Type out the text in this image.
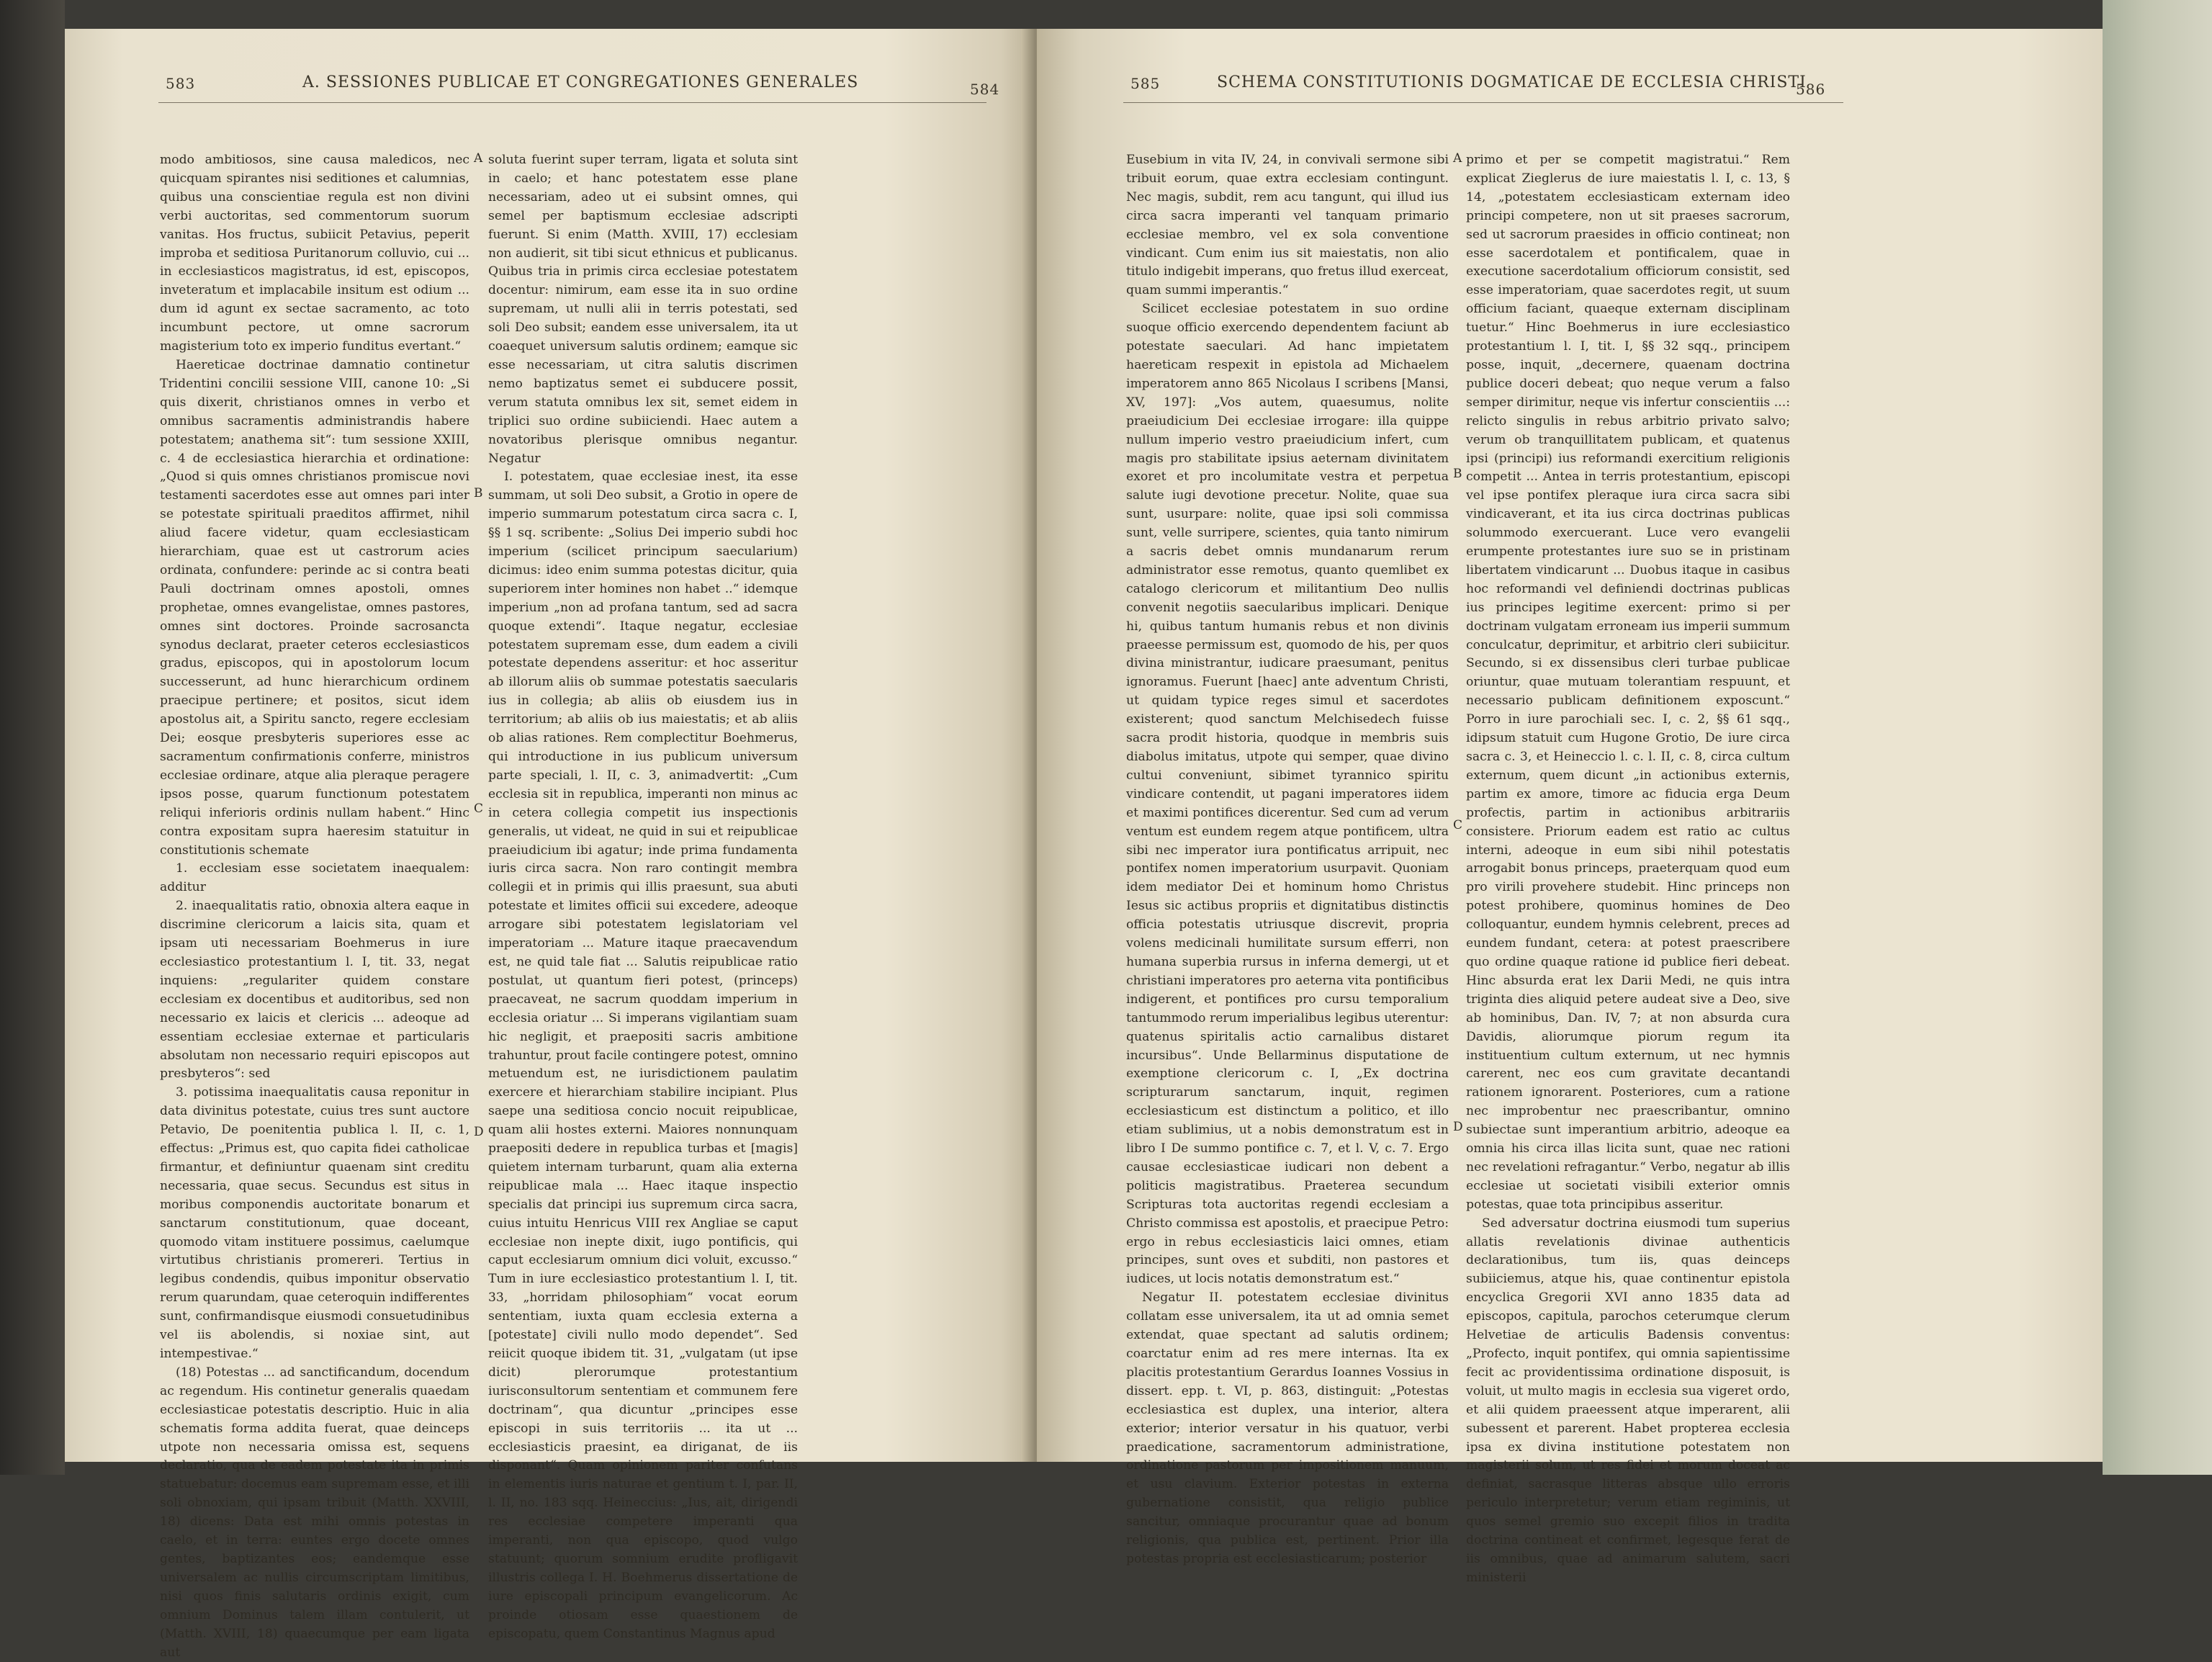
583	A. SESSIONES PUBLICAE ET CONGREGATIONES GENERALES	584

modo ambitiosos, sine causa maledicos, nec quicquam spirantes nisi seditiones et calumnias, quibus una conscientiae regula est non divini verbi auctoritas, sed commentorum suorum vanitas. Hos fructus, subiicit Petavius, peperit improba et seditiosa Puritanorum colluvio, cui ... in ecclesiasticos magistratus, id est, episcopos, inveteratum et implacabile insitum est odium ... dum id agunt ex sectae sacramento, ac toto incumbunt pectore, ut omne sacrorum magisterium toto ex imperio funditus evertant.“

Haereticae doctrinae damnatio continetur Tridentini concilii sessione VIII, canone 10: „Si quis dixerit, christianos omnes in verbo et omnibus sacramentis administrandis habere potestatem; anathema sit“: tum sessione XXIII, c. 4 de ecclesiastica hierarchia et ordinatione: „Quod si quis omnes christianos promiscue novi testamenti sacerdotes esse aut omnes pari inter se potestate spirituali praeditos affirmet, nihil aliud facere videtur, quam ecclesiasticam hierarchiam, quae est ut castrorum acies ordinata, confundere: perinde ac si contra beati Pauli doctrinam omnes apostoli, omnes prophetae, omnes evangelistae, omnes pastores, omnes sint doctores. Proinde sacrosancta synodus declarat, praeter ceteros ecclesiasticos gradus, episcopos, qui in apostolorum locum successerunt, ad hunc hierarchicum ordinem praecipue pertinere; et positos, sicut idem apostolus ait, a Spiritu sancto, regere ecclesiam Dei; eosque presbyteris superiores esse ac sacramentum confirmationis conferre, ministros ecclesiae ordinare, atque alia pleraque peragere ipsos posse, quarum functionum potestatem reliqui inferioris ordinis nullam habent.“ Hinc contra expositam supra haeresim statuitur in constitutionis schemate

1. ecclesiam esse societatem inaequalem: additur

2. inaequalitatis ratio, obnoxia altera eaque in discrimine clericorum a laicis sita, quam et ipsam uti necessariam Boehmerus in iure ecclesiastico protestantium l. I, tit. 33, negat inquiens: „regulariter quidem constare ecclesiam ex docentibus et auditoribus, sed non necessario ex laicis et clericis ... adeoque ad essentiam ecclesiae externae et particularis absolutam non necessario requiri episcopos aut presbyteros“: sed

3. potissima inaequalitatis causa reponitur in data divinitus potestate, cuius tres sunt auctore Petavio, De poenitentia publica l. II, c. 1, effectus: „Primus est, quo capita fidei catholicae firmantur, et definiuntur quaenam sint creditu necessaria, quae secus. Secundus est situs in moribus componendis auctoritate bonarum et sanctarum constitutionum, quae doceant, quomodo vitam instituere possimus, caelumque virtutibus christianis promereri. Tertius in legibus condendis, quibus imponitur observatio rerum quarundam, quae ceteroquin indifferentes sunt, confirmandisque eiusmodi consuetudinibus vel iis abolendis, si noxiae sint, aut intempestivae.“

(18) Potestas ... ad sanctificandum, docendum ac regendum. His continetur generalis quaedam ecclesiasticae potestatis descriptio. Huic in alia schematis forma addita fuerat, quae deinceps utpote non necessaria omissa est, sequens declaratio, qua de eadem potestate ita in primis statuebatur: docemus eam supremam esse, et illi soli obnoxiam, qui ipsam tribuit (Matth. XXVIII, 18) dicens: Data est mihi omnis potestas in caelo, et in terra: euntes ergo docete omnes gentes, baptizantes eos; eandemque esse universalem ac nullis circumscriptam limitibus, nisi quos finis salutaris ordinis exigit, cum omnium Dominus talem illam contulerit, ut (Matth. XVIII, 18) quaecumque per eam ligata aut

A
B
C
D

soluta fuerint super terram, ligata et soluta sint in caelo; et hanc potestatem esse plane necessariam, adeo ut ei subsint omnes, qui semel per baptismum ecclesiae adscripti fuerunt. Si enim (Matth. XVIII, 17) ecclesiam non audierit, sit tibi sicut ethnicus et publicanus. Quibus tria in primis circa ecclesiae potestatem docentur: nimirum, eam esse ita in suo ordine supremam, ut nulli alii in terris potestati, sed soli Deo subsit; eandem esse universalem, ita ut coaequet universum salutis ordinem; eamque sic esse necessariam, ut citra salutis discrimen nemo baptizatus semet ei subducere possit, verum statuta omnibus lex sit, semet eidem in triplici suo ordine subiiciendi. Haec autem a novatoribus plerisque omnibus negantur. Negatur

I. potestatem, quae ecclesiae inest, ita esse summam, ut soli Deo subsit, a Grotio in opere de imperio summarum potestatum circa sacra c. I, §§ 1 sq. scribente: „Solius Dei imperio subdi hoc imperium (scilicet principum saecularium) dicimus: ideo enim summa potestas dicitur, quia superiorem inter homines non habet ..“ idemque imperium „non ad profana tantum, sed ad sacra quoque extendi“. Itaque negatur, ecclesiae potestatem supremam esse, dum eadem a civili potestate dependens asseritur: et hoc asseritur ab illorum aliis ob summae potestatis saecularis ius in collegia; ab aliis ob eiusdem ius in territorium; ab aliis ob ius maiestatis; et ab aliis ob alias rationes. Rem complectitur Boehmerus, qui introductione in ius publicum universum parte speciali, l. II, c. 3, animadvertit: „Cum ecclesia sit in republica, imperanti non minus ac in cetera collegia competit ius inspectionis generalis, ut videat, ne quid in sui et reipublicae praeiudicium ibi agatur; inde prima fundamenta iuris circa sacra. Non raro contingit membra collegii et in primis qui illis praesunt, sua abuti potestate et limites officii sui excedere, adeoque arrogare sibi potestatem legislatoriam vel imperatoriam ... Mature itaque praecavendum est, ne quid tale fiat ... Salutis reipublicae ratio postulat, ut quantum fieri potest, (princeps) praecaveat, ne sacrum quoddam imperium in ecclesia oriatur ... Si imperans vigilantiam suam hic negligit, et praepositi sacris ambitione trahuntur, prout facile contingere potest, omnino metuendum est, ne iurisdictionem paulatim exercere et hierarchiam stabilire incipiant. Plus saepe una seditiosa concio nocuit reipublicae, quam alii hostes externi. Maiores nonnunquam praepositi dedere in republica turbas et [magis] quietem internam turbarunt, quam alia externa reipublicae mala ... Haec itaque inspectio specialis dat principi ius supremum circa sacra, cuius intuitu Henricus VIII rex Angliae se caput ecclesiae non inepte dixit, iugo pontificis, qui caput ecclesiarum omnium dici voluit, excusso.“ Tum in iure ecclesiastico protestantium l. I, tit. 33, „horridam philosophiam“ vocat eorum sententiam, iuxta quam ecclesia externa a [potestate] civili nullo modo dependet“. Sed reiicit quoque ibidem tit. 31, „vulgatam (ut ipse dicit) plerorumque protestantium iurisconsultorum sententiam et communem fere doctrinam“, qua dicuntur „principes esse episcopi in suis territoriis ... ita ut ... ecclesiasticis praesint, ea diriganat, de iis disponant“. Quam opinionem pariter confutans in elementis iuris naturae et gentium t. I, par. II, l. II, no. 183 sqq. Heineccius: „Ius, ait, dirigendi res ecclesiae competere imperanti qua imperanti, non qua episcopo, quod vulgo statuunt; quorum somnium erudite profligavit illustris collega I. H. Boehmerus dissertatione de iure episcopali principum evangelicorum. Ac proinde otiosam esse quaestionem de episcopatu, quem Constantinus Magnus apud

585	SCHEMA CONSTITUTIONIS DOGMATICAE DE ECCLESIA CHRISTI
586

Eusebium in vita IV, 24, in convivali sermone sibi tribuit eorum, quae extra ecclesiam contingunt. Nec magis, subdit, rem acu tangunt, qui illud ius circa sacra imperanti vel tanquam primario ecclesiae membro, vel ex sola conventione vindicant. Cum enim ius sit maiestatis, non alio titulo indigebit imperans, quo fretus illud exerceat, quam summi imperantis.“

Scilicet ecclesiae potestatem in suo ordine suoque officio exercendo dependentem faciunt ab potestate saeculari. Ad hanc impietatem haereticam respexit in epistola ad Michaelem imperatorem anno 865 Nicolaus I scribens [Mansi, XV, 197]: „Vos autem, quaesumus, nolite praeiudicium Dei ecclesiae irrogare: illa quippe nullum imperio vestro praeiudicium infert, cum magis pro stabilitate ipsius aeternam divinitatem exoret et pro incolumitate vestra et perpetua salute iugi devotione precetur. Nolite, quae sua sunt, usurpare: nolite, quae ipsi soli commissa sunt, velle surripere, scientes, quia tanto nimirum a sacris debet omnis mundanarum rerum administrator esse remotus, quanto quemlibet ex catalogo clericorum et militantium Deo nullis convenit negotiis saecularibus implicari. Denique hi, quibus tantum humanis rebus et non divinis praeesse permissum est, quomodo de his, per quos divina ministrantur, iudicare praesumant, penitus ignoramus. Fuerunt [haec] ante adventum Christi, ut quidam typice reges simul et sacerdotes existerent; quod sanctum Melchisedech fuisse sacra prodit historia, quodque in membris suis diabolus imitatus, utpote qui semper, quae divino cultui conveniunt, sibimet tyrannico spiritu vindicare contendit, ut pagani imperatores iidem et maximi pontifices dicerentur. Sed cum ad verum ventum est eundem regem atque pontificem, ultra sibi nec imperator iura pontificatus arripuit, nec pontifex nomen imperatorium usurpavit. Quoniam idem mediator Dei et hominum homo Christus Iesus sic actibus propriis et dignitatibus distinctis officia potestatis utriusque discrevit, propria volens medicinali humilitate sursum efferri, non humana superbia rursus in inferna demergi, ut et christiani imperatores pro aeterna vita pontificibus indigerent, et pontifices pro cursu temporalium tantummodo rerum imperialibus legibus uterentur: quatenus spiritalis actio carnalibus distaret incursibus“. Unde Bellarminus disputatione de exemptione clericorum c. I, „Ex doctrina scripturarum sanctarum, inquit, regimen ecclesiasticum est distinctum a politico, et illo etiam sublimius, ut a nobis demonstratum est in libro I De summo pontifice c. 7, et l. V, c. 7. Ergo causae ecclesiasticae iudicari non debent a politicis magistratibus. Praeterea secundum Scripturas tota auctoritas regendi ecclesiam a Christo commissa est apostolis, et praecipue Petro: ergo in rebus ecclesiasticis laici omnes, etiam principes, sunt oves et subditi, non pastores et iudices, ut locis notatis demonstratum est.“

Negatur II. potestatem ecclesiae divinitus collatam esse universalem, ita ut ad omnia semet extendat, quae spectant ad salutis ordinem; coarctatur enim ad res mere internas. Ita ex placitis protestantium Gerardus Ioannes Vossius in dissert. epp. t. VI, p. 863, distinguit: „Potestas ecclesiastica est duplex, una interior, altera exterior; interior versatur in his quatuor, verbi praedicatione, sacramentorum administratione, ordinatione pastorum per impositionem manuum, et usu clavium. Exterior potestas in externa gubernatione consistit, qua religio publice sancitur, omniaque procurantur quae ad bonum religionis, qua publica est, pertinent. Prior illa potestas propria est ecclesiasticarum; posterior

A
B
C
D

primo et per se competit magistratui.“ Rem explicat Zieglerus de iure maiestatis l. I, c. 13, § 14, „potestatem ecclesiasticam externam ideo principi competere, non ut sit praeses sacrorum, sed ut sacrorum praesides in officio contineat; non esse sacerdotalem et pontificalem, quae in executione sacerdotalium officiorum consistit, sed esse imperatoriam, quae sacerdotes regit, ut suum officium faciant, quaeque externam disciplinam tuetur.“ Hinc Boehmerus in iure ecclesiastico protestantium l. I, tit. I, §§ 32 sqq., principem posse, inquit, „decernere, quaenam doctrina publice doceri debeat; quo neque verum a falso semper dirimitur, neque vis infertur conscientiis ...: relicto singulis in rebus arbitrio privato salvo; verum ob tranquillitatem publicam, et quatenus ipsi (principi) ius reformandi exercitium religionis competit ... Antea in terris protestantium, episcopi vel ipse pontifex pleraque iura circa sacra sibi vindicaverant, et ita ius circa doctrinas publicas solummodo exercuerant. Luce vero evangelii erumpente protestantes iure suo se in pristinam libertatem vindicarunt ... Duobus itaque in casibus hoc reformandi vel definiendi doctrinas publicas ius principes legitime exercent: primo si per doctrinam vulgatam erroneam ius imperii summum conculcatur, deprimitur, et arbitrio cleri subiicitur. Secundo, si ex dissensibus cleri turbae publicae oriuntur, quae mutuam tolerantiam respuunt, et necessario publicam definitionem exposcunt.“ Porro in iure parochiali sec. I, c. 2, §§ 61 sqq., idipsum statuit cum Hugone Grotio, De iure circa sacra c. 3, et Heineccio l. c. l. II, c. 8, circa cultum externum, quem dicunt „in actionibus externis, partim ex amore, timore ac fiducia erga Deum profectis, partim in actionibus arbitrariis consistere. Priorum eadem est ratio ac cultus interni, adeoque in eum sibi nihil potestatis arrogabit bonus princeps, praeterquam quod eum pro virili provehere studebit. Hinc princeps non potest prohibere, quominus homines de Deo colloquantur, eundem hymnis celebrent, preces ad eundem fundant, cetera: at potest praescribere quo ordine quaque ratione id publice fieri debeat. Hinc absurda erat lex Darii Medi, ne quis intra triginta dies aliquid petere audeat sive a Deo, sive ab hominibus, Dan. IV, 7; at non absurda cura Davidis, aliorumque piorum regum ita instituentium cultum externum, ut nec hymnis carerent, nec eos cum gravitate decantandi rationem ignorarent. Posteriores, cum a ratione nec improbentur nec praescribantur, omnino subiectae sunt imperantium arbitrio, adeoque ea omnia his circa illas licita sunt, quae nec rationi nec revelationi refragantur.“ Verbo, negatur ab illis ecclesiae ut societati visibili exterior omnis potestas, quae tota principibus asseritur.

Sed adversatur doctrina eiusmodi tum superius allatis revelationis divinae authenticis declarationibus, tum iis, quas deinceps subiiciemus, atque his, quae continentur epistola encyclica Gregorii XVI anno 1835 data ad episcopos, capitula, parochos ceterumque clerum Helvetiae de articulis Badensis conventus: „Profecto, inquit pontifex, qui omnia sapientissime fecit ac providentissima ordinatione disposuit, is voluit, ut multo magis in ecclesia sua vigeret ordo, et alii quidem praeessent atque imperarent, alii subessent et parerent. Habet propterea ecclesia ipsa ex divina institutione potestatem non magisterii solum, ut res fidei et morum doceat ac definiat, sacrasque litteras absque ullo erroris periculo interpretetur; verum etiam regiminis, ut quos semel gremio suo excepit filios in tradita doctrina contineat et confirmet, legesque ferat de iis omnibus, quae ad animarum salutem, sacri ministerii
